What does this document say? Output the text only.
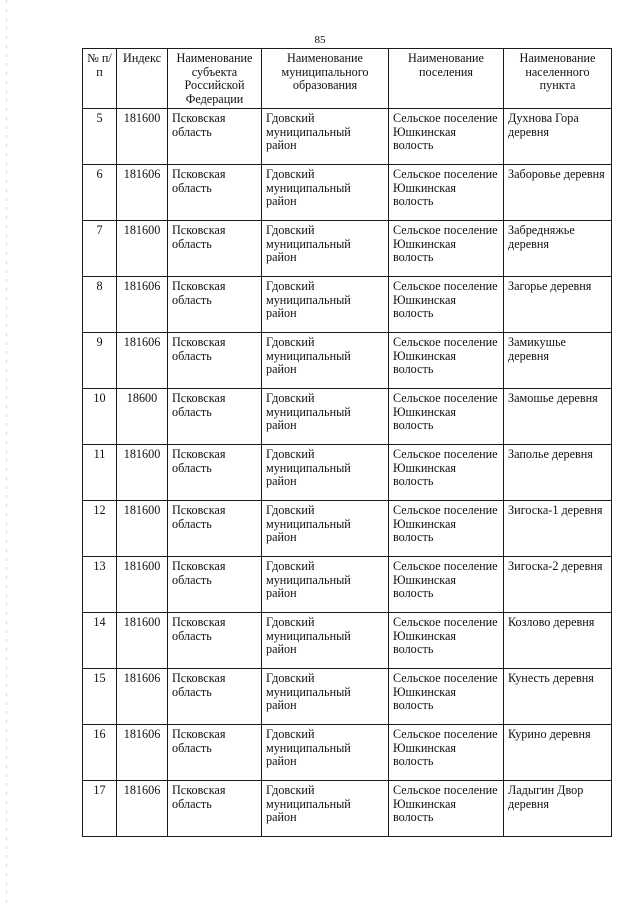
85
№ п/п	Индекс	Наименование субъекта Российской Федерации	Наименование муниципального образования	Наименование поселения	Наименование населенного пункта
5	181600	Псковская область	Гдовский муниципальный район	Сельское поселение Юшкинская волость	Духнова Гора деревня
6	181606	Псковская область	Гдовский муниципальный район	Сельское поселение Юшкинская волость	Заборовье деревня
7	181600	Псковская область	Гдовский муниципальный район	Сельское поселение Юшкинская волость	Забредняжье деревня
8	181606	Псковская область	Гдовский муниципальный район	Сельское поселение Юшкинская волость	Загорье деревня
9	181606	Псковская область	Гдовский муниципальный район	Сельское поселение Юшкинская волость	Замикушье деревня
10	18600	Псковская область	Гдовский муниципальный район	Сельское поселение Юшкинская волость	Замошье деревня
11	181600	Псковская область	Гдовский муниципальный район	Сельское поселение Юшкинская волость	Заполье деревня
12	181600	Псковская область	Гдовский муниципальный район	Сельское поселение Юшкинская волость	Зигоска-1 деревня
13	181600	Псковская область	Гдовский муниципальный район	Сельское поселение Юшкинская волость	Зигоска-2 деревня
14	181600	Псковская область	Гдовский муниципальный район	Сельское поселение Юшкинская волость	Козлово деревня
15	181606	Псковская область	Гдовский муниципальный район	Сельское поселение Юшкинская волость	Кунесть деревня
16	181606	Псковская область	Гдовский муниципальный район	Сельское поселение Юшкинская волость	Курино деревня
17	181606	Псковская область	Гдовский муниципальный район	Сельское поселение Юшкинская волость	Ладыгин Двор деревня
